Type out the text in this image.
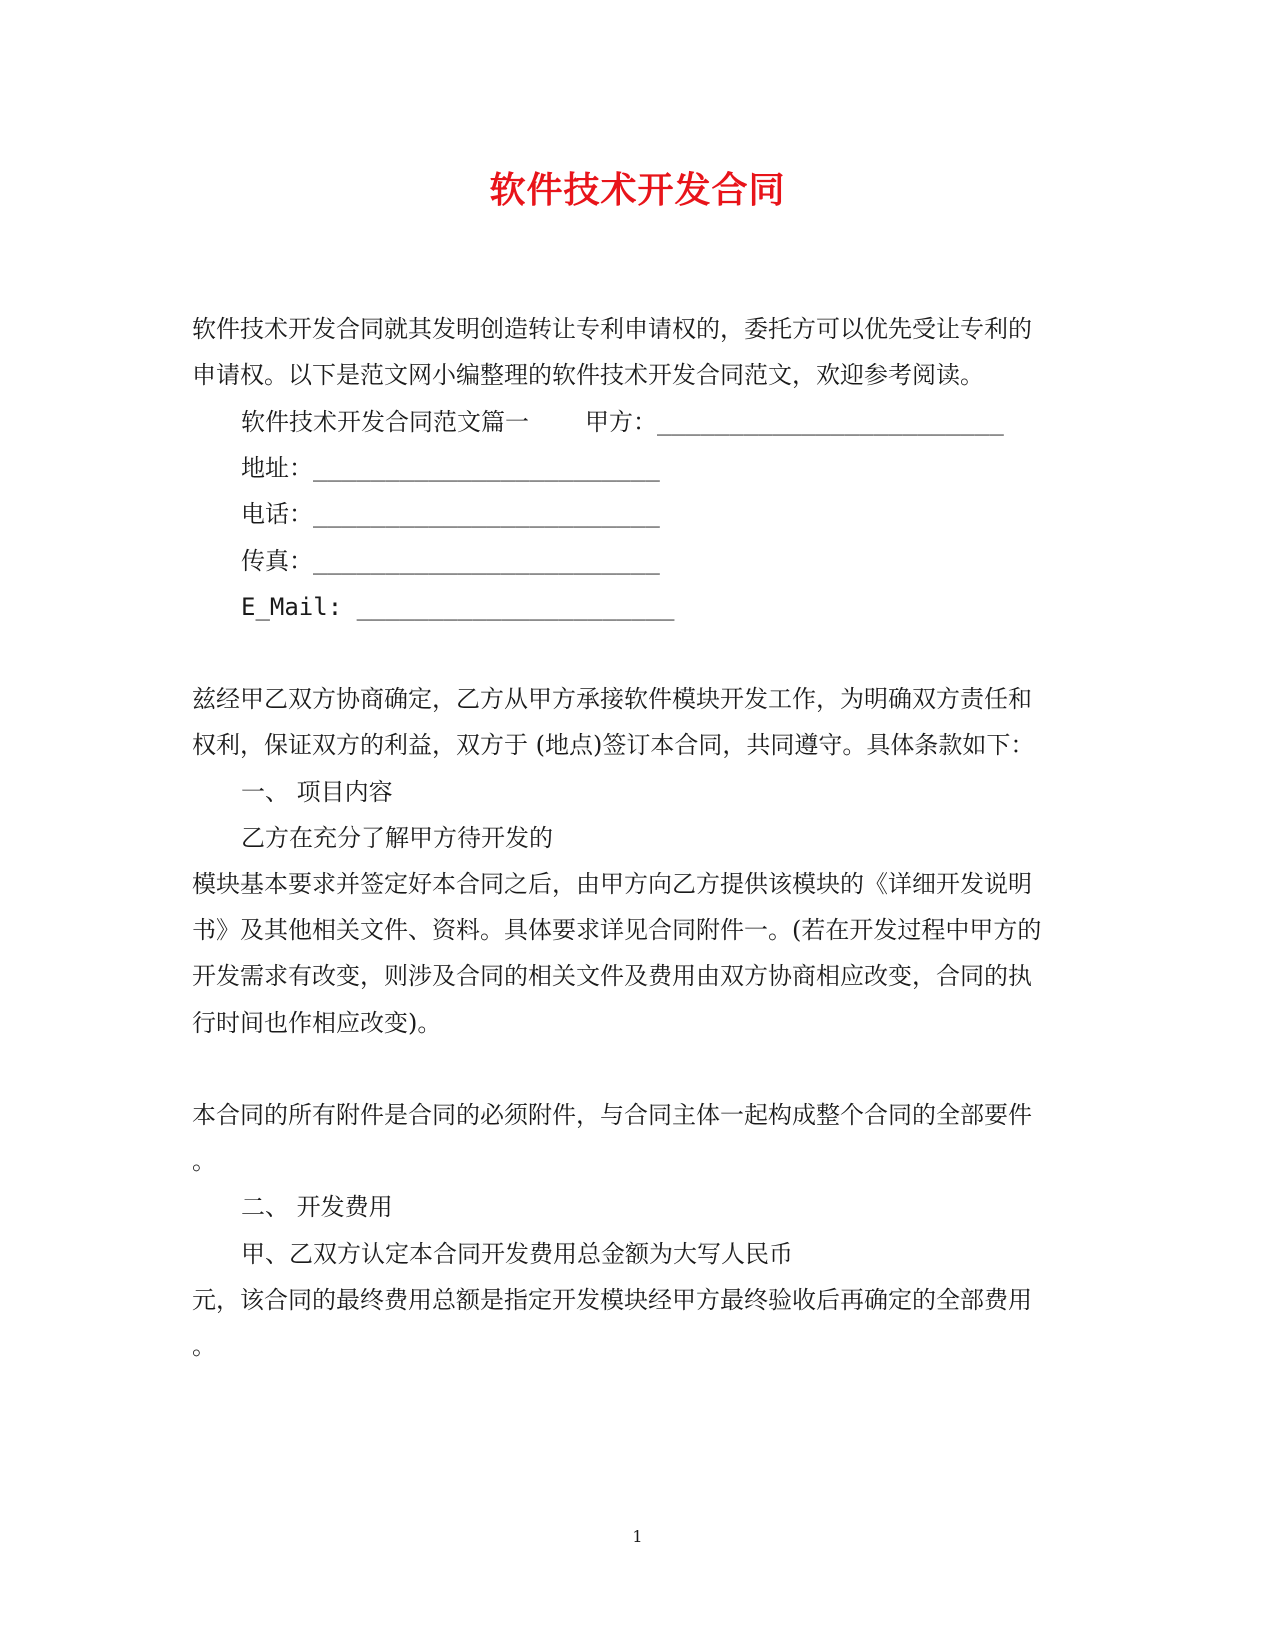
软件技术开发合同
软件技术开发合同就其发明创造转让专利申请权的，委托方可以优先受让专利的
申请权。以下是范文网小编整理的软件技术开发合同范文，欢迎参考阅读。
软件技术开发合同范文篇一 甲方：________________________
地址：________________________
电话：________________________
传真：________________________
E_Mail: ______________________
兹经甲乙双方协商确定，乙方从甲方承接软件模块开发工作，为明确双方责任和
权利，保证双方的利益，双方于 (地点)签订本合同，共同遵守。具体条款如下：
一、 项目内容
乙方在充分了解甲方待开发的
模块基本要求并签定好本合同之后，由甲方向乙方提供该模块的《详细开发说明
书》及其他相关文件、资料。具体要求详见合同附件一。(若在开发过程中甲方的
开发需求有改变，则涉及合同的相关文件及费用由双方协商相应改变，合同的执
行时间也作相应改变)。
本合同的所有附件是合同的必须附件，与合同主体一起构成整个合同的全部要件
。
二、 开发费用
甲、乙双方认定本合同开发费用总金额为大写人民币
元，该合同的最终费用总额是指定开发模块经甲方最终验收后再确定的全部费用
。
1
